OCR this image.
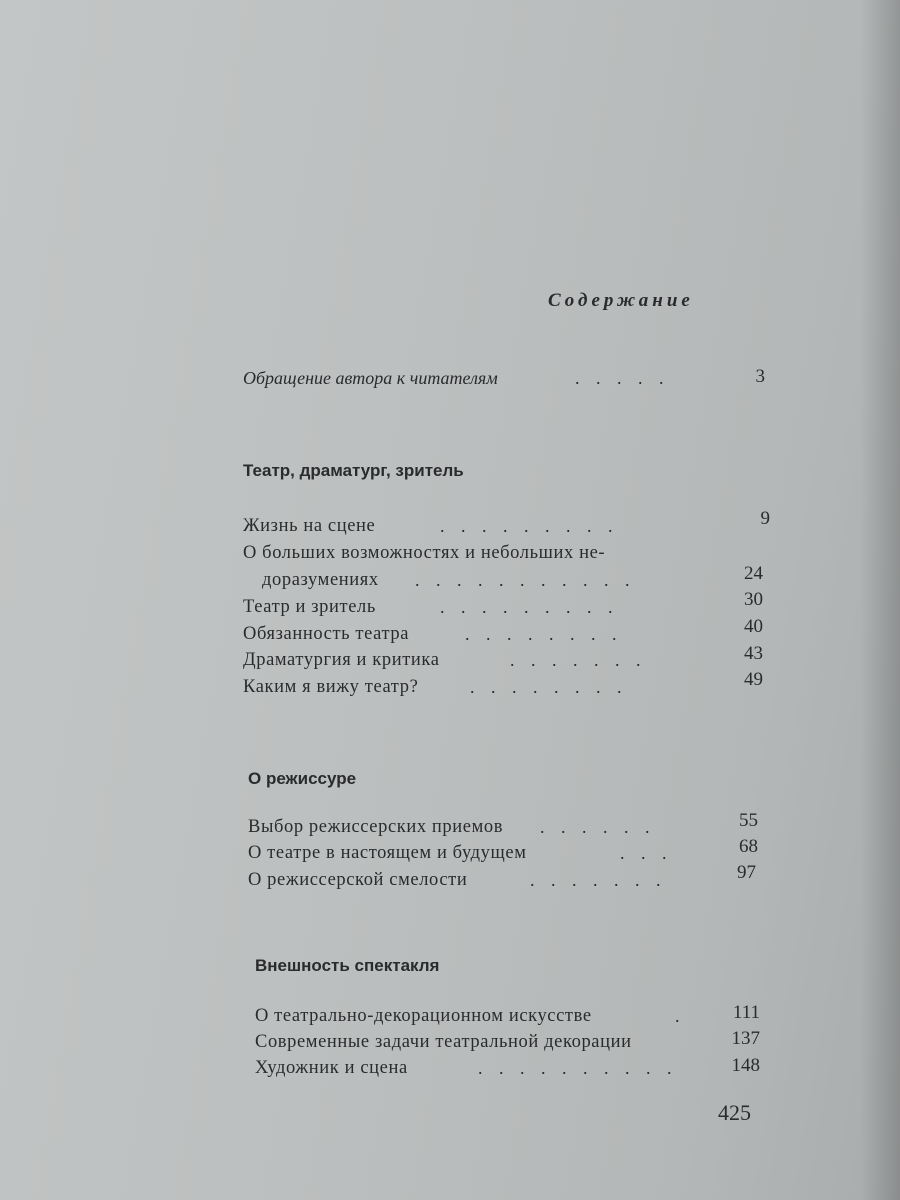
Содержание
Обращение автора к читателям	. . . . .	3
Театр, драматург, зритель
Жизнь на сцене	. . . . . . . . .	9
О больших возможностях и небольших не-
доразумениях . . . . . . . . . . .	24
Театр и зритель	. . . . . . . . .	30
Обязанность театра	. . . . . . . .	40
Драматургия и критика	. . . . . . .	43
Каким я вижу театр?	. . . . . . . .	49
О режиссуре
Выбор режиссерских приемов . . . . . .	55
О театре в настоящем и будущем	. . .	68
О режиссерской смелости	. . . . . . .	97
Внешность спектакля
О театрально-декорационном искусстве	.	111
Современные задачи театральной декорации	137
Художник и сцена	. . . . . . . . . .	148
425
